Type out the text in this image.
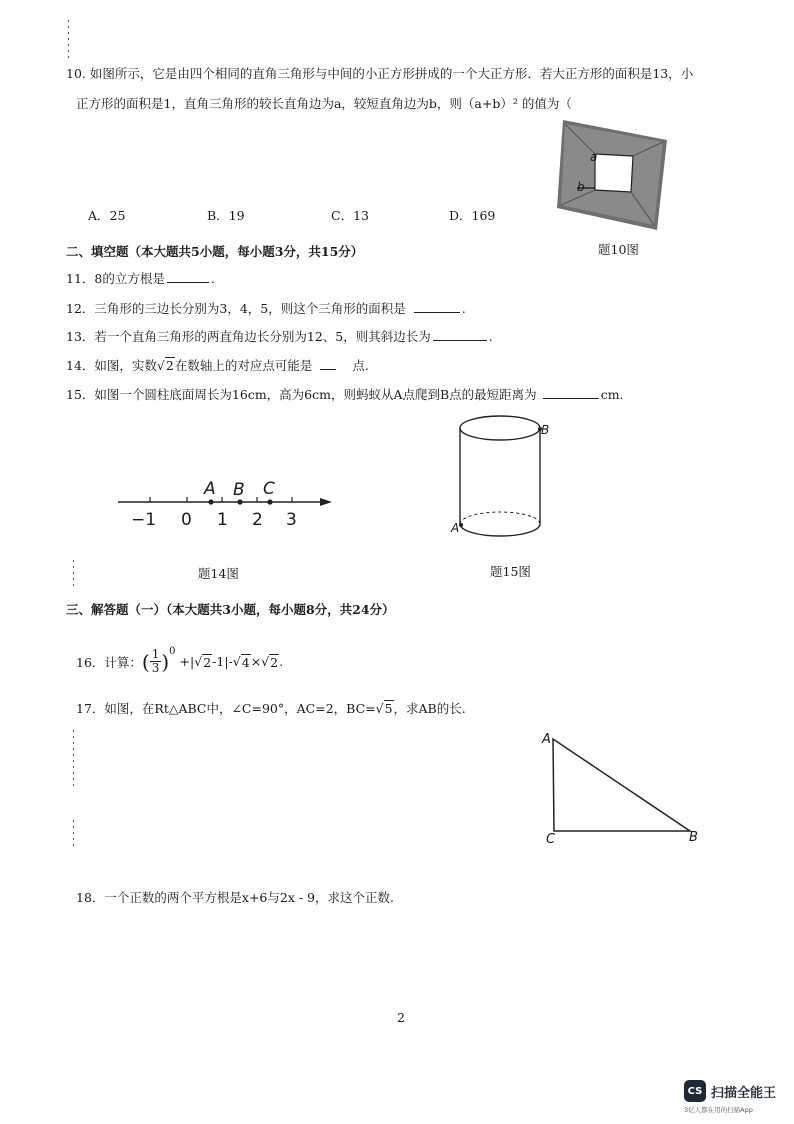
10. 如图所示，它是由四个相同的直角三角形与中间的小正方形拼成的一个大正方形．若大正方形的面积是13，小
正方形的面积是1，直角三角形的较长直角边为a，较短直角边为b，则（a+b）² 的值为（
a
b
A．25	B．19	C．13	D．169
题10图
二、填空题（本大题共5小题，每小题3分，共15分）
11．8的立方根是	.
12．三角形的三边长分别为3，4，5，则这个三角形的面积是	.
13．若一个直角三角形的两直角边长分别为12、5，则其斜边长为	.
14．如图，实数√2在数轴上的对应点可能是	点.
15．如图一个圆柱底面周长为16cm，高为6cm，则蚂蚁从A点爬到B点的最短距离为	cm.
A B C
−1 0 1 2 3
题14图
B
A
题15图
三、解答题（一）（本大题共3小题，每小题8分，共24分）
16．计算： ( $\frac{1}{3} )^0$
+| √ 2 -1|- √ 4 × √ 2 .
17．如图，在Rt△ABC中，∠C=90°，AC=2，BC=√5，求AB的长.
A
C	B
18．一个正数的两个平方根是x+6与2x - 9，求这个正数.
2
CS 扫描全能王
3亿人都在用的扫描App
